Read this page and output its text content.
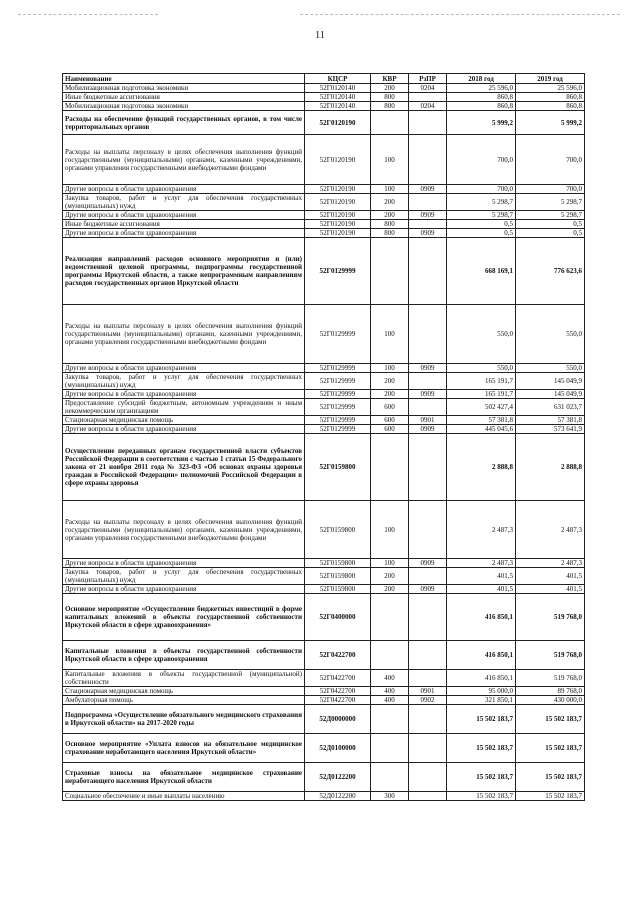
11
Наименование	КЦСР	КВР	РзПР	2018 год	2019 год
Мобилизационная подготовка экономики	52Г0120140	200	0204	25 596,0	25 596,0
Иные бюджетные ассигнования	52Г0120140	800		860,8	860,8
Мобилизационная подготовка экономики	52Г0120140	800	0204	860,8	860,8
Расходы на обеспечение функций государственных органов, в том числе территориальных органов	52Г0120190			5 999,2	5 999,2
Расходы на выплаты персоналу в целях обеспечения выполнения функций государственными (муниципальными) органами, казенными учреждениями, органами управления государственными внебюджетными фондами	52Г0120190	100		700,0	700,0
Другие вопросы в области здравоохранения	52Г0120190	100	0909	700,0	700,0
Закупка товаров, работ и услуг для обеспечения государственных (муниципальных) нужд	52Г0120190	200		5 298,7	5 298,7
Другие вопросы в области здравоохранения	52Г0120190	200	0909	5 298,7	5 298,7
Иные бюджетные ассигнования	52Г0120190	800		0,5	0,5
Другие вопросы в области здравоохранения	52Г0120190	800	0909	0,5	0,5
Реализация направлений расходов основного мероприятия и (или) ведомственной целевой программы, подпрограммы государственной программы Иркутской области, а также непрограммным направлениям расходов государственных органов Иркутской области	52Г0129999			668 169,1	776 623,6
Расходы на выплаты персоналу в целях обеспечения выполнения функций государственными (муниципальными) органами, казенными учреждениями, органами управления государственными внебюджетными фондами	52Г0129999	100		550,0	550,0
Другие вопросы в области здравоохранения	52Г0129999	100	0909	550,0	550,0
Закупка товаров, работ и услуг для обеспечения государственных (муниципальных) нужд	52Г0129999	200		165 191,7	145 049,9
Другие вопросы в области здравоохранения	52Г0129999	200	0909	165 191,7	145 049,9
Предоставление субсидий бюджетным, автономным учреждениям и иным некоммерческим организациям	52Г0129999	600		502 427,4	631 023,7
Стационарная медицинская помощь	52Г0129999	600	0901	57 381,8	57 381,8
Другие вопросы в области здравоохранения	52Г0129999	600	0909	445 045,6	573 641,9
Осуществление переданных органам государственной власти субъектов Российской Федерации в соответствии с частью 1 статьи 15 Федерального закона от 21 ноября 2011 года № 323-ФЗ «Об основах охраны здоровья граждан в Российской Федерации» полномочий Российской Федерации в сфере охраны здоровья	52Г0159800			2 888,8	2 888,8
Расходы на выплаты персоналу в целях обеспечения выполнения функций государственными (муниципальными) органами, казенными учреждениями, органами управления государственными внебюджетными фондами	52Г0159800	100		2 487,3	2 487,3
Другие вопросы в области здравоохранения	52Г0159800	100	0909	2 487,3	2 487,3
Закупка товаров, работ и услуг для обеспечения государственных (муниципальных) нужд	52Г0159800	200		401,5	401,5
Другие вопросы в области здравоохранения	52Г0159800	200	0909	401,5	401,5
Основное мероприятие «Осуществление бюджетных инвестиций в форме капитальных вложений в объекты государственной собственности Иркутской области в сфере здравоохранения»	52Г0400000			416 850,1	519 768,0
Капитальные вложения в объекты государственной собственности Иркутской области в сфере здравоохранения	52Г0422700			416 850,1	519 768,0
Капитальные вложения в объекты государственной (муниципальной) собственности	52Г0422700	400		416 850,1	519 768,0
Стационарная медицинская помощь	52Г0422700	400	0901	95 000,0	89 768,0
Амбулаторная помощь	52Г0422700	400	0902	321 850,1	430 000,0
Подпрограмма «Осуществление обязательного медицинского страхования в Иркутской области» на 2017-2020 годы	52Д0000000			15 502 183,7	15 502 183,7
Основное мероприятие «Уплата взносов на обязательное медицинское страхование неработающего населения Иркутской области»	52Д0100000			15 502 183,7	15 502 183,7
Страховые взносы на обязательное медицинское страхование неработающего населения Иркутской области	52Д0122200			15 502 183,7	15 502 183,7
Социальное обеспечение и иные выплаты населению	52Д0122200	300		15 502 183,7	15 502 183,7
